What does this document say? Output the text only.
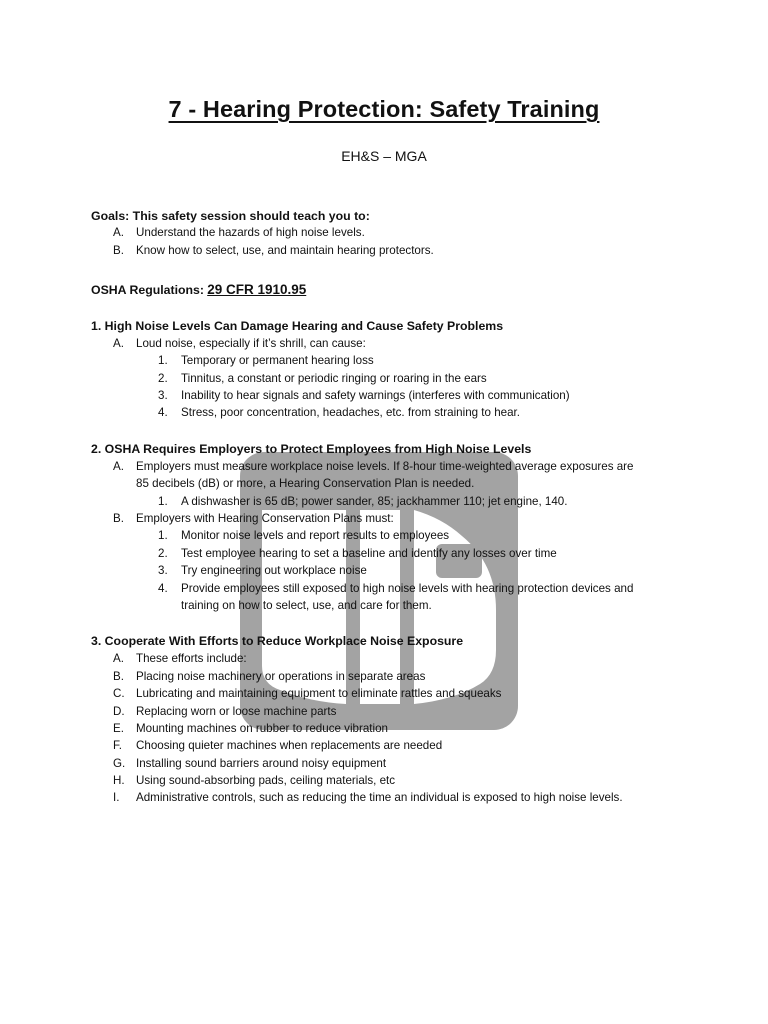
7 - Hearing Protection: Safety Training
EH&S – MGA
Goals: This safety session should teach you to:
A. Understand the hazards of high noise levels.
B. Know how to select, use, and maintain hearing protectors.
OSHA Regulations: 29 CFR 1910.95
1. High Noise Levels Can Damage Hearing and Cause Safety Problems
A. Loud noise, especially if it’s shrill, can cause:
1. Temporary or permanent hearing loss
2. Tinnitus, a constant or periodic ringing or roaring in the ears
3. Inability to hear signals and safety warnings (interferes with communication)
4. Stress, poor concentration, headaches, etc. from straining to hear.
2. OSHA Requires Employers to Protect Employees from High Noise Levels
A. Employers must measure workplace noise levels. If 8-hour time-weighted average exposures are
85 decibels (dB) or more, a Hearing Conservation Plan is needed.
1. A dishwasher is 65 dB; power sander, 85; jackhammer 110; jet engine, 140.
B. Employers with Hearing Conservation Plans must:
1. Monitor noise levels and report results to employees
2. Test employee hearing to set a baseline and identify any losses over time
3. Try engineering out workplace noise
4. Provide employees still exposed to high noise levels with hearing protection devices and
training on how to select, use, and care for them.
3. Cooperate With Efforts to Reduce Workplace Noise Exposure
A. These efforts include:
B. Placing noise machinery or operations in separate areas
C. Lubricating and maintaining equipment to eliminate rattles and squeaks
D. Replacing worn or loose machine parts
E. Mounting machines on rubber to reduce vibration
F. Choosing quieter machines when replacements are needed
G. Installing sound barriers around noisy equipment
H. Using sound-absorbing pads, ceiling materials, etc
I. Administrative controls, such as reducing the time an individual is exposed to high noise levels.
